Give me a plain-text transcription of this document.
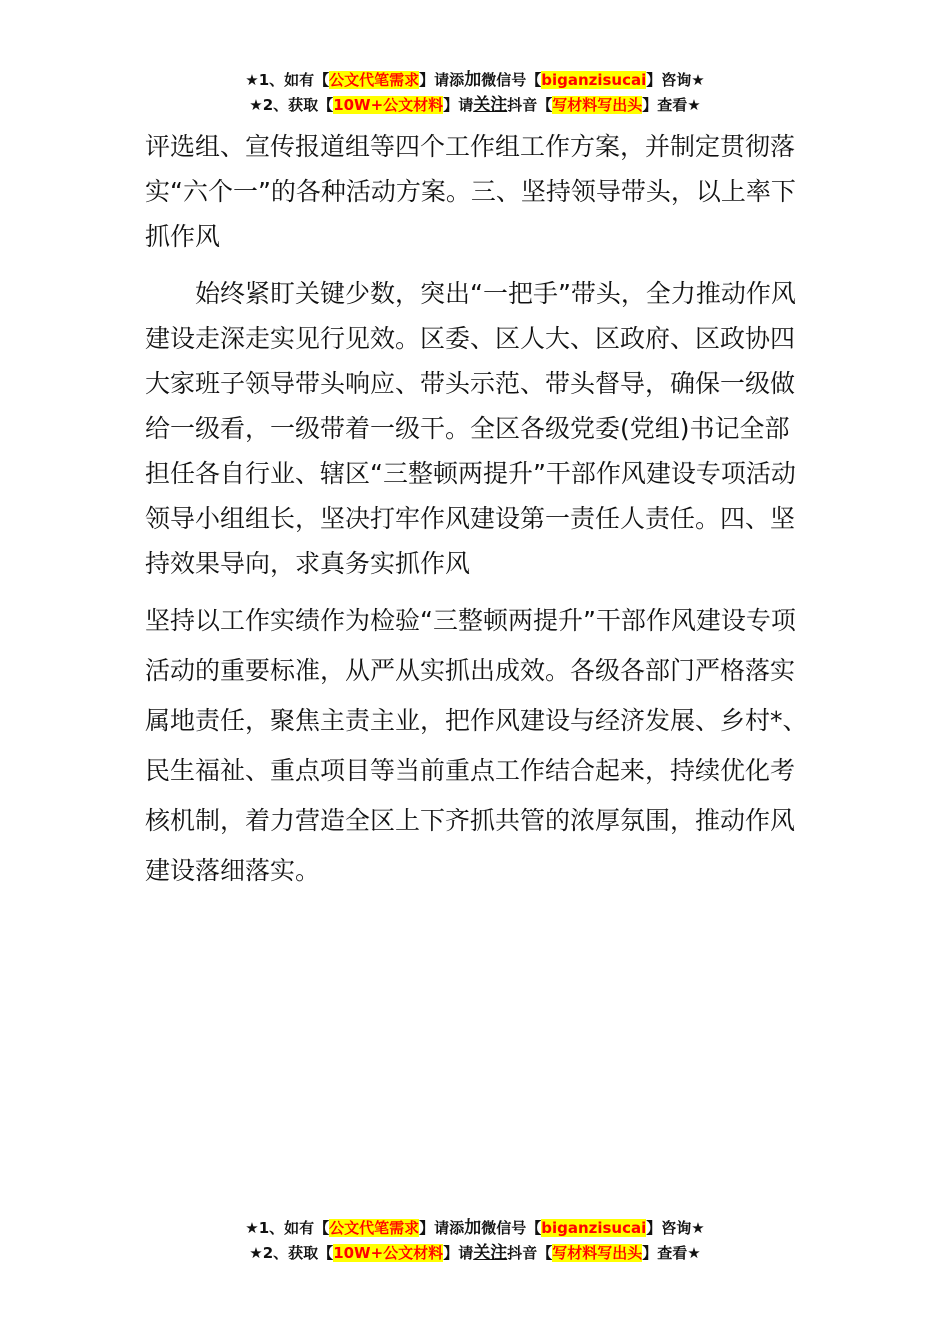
★1、如有【公文代笔需求】请添加微信号【biganzisucai】咨询★
★2、获取【10W+公文材料】请关注抖音【写材料写出头】查看★

评选组、宣传报道组等四个工作组工作方案，并制定贯彻落实“六个一”的各种活动方案。三、坚持领导带头，以上率下抓作风

始终紧盯关键少数，突出“一把手”带头，全力推动作风建设走深走实见行见效。区委、区人大、区政府、区政协四大家班子领导带头响应、带头示范、带头督导，确保一级做给一级看，一级带着一级干。全区各级党委(党组)书记全部担任各自行业、辖区“三整顿两提升”干部作风建设专项活动领导小组组长，坚决打牢作风建设第一责任人责任。四、坚持效果导向，求真务实抓作风

坚持以工作实绩作为检验“三整顿两提升”干部作风建设专项活动的重要标准，从严从实抓出成效。各级各部门严格落实属地责任，聚焦主责主业，把作风建设与经济发展、乡村*、民生福祉、重点项目等当前重点工作结合起来，持续优化考核机制，着力营造全区上下齐抓共管的浓厚氛围，推动作风建设落细落实。

★1、如有【公文代笔需求】请添加微信号【biganzisucai】咨询★
★2、获取【10W+公文材料】请关注抖音【写材料写出头】查看★
